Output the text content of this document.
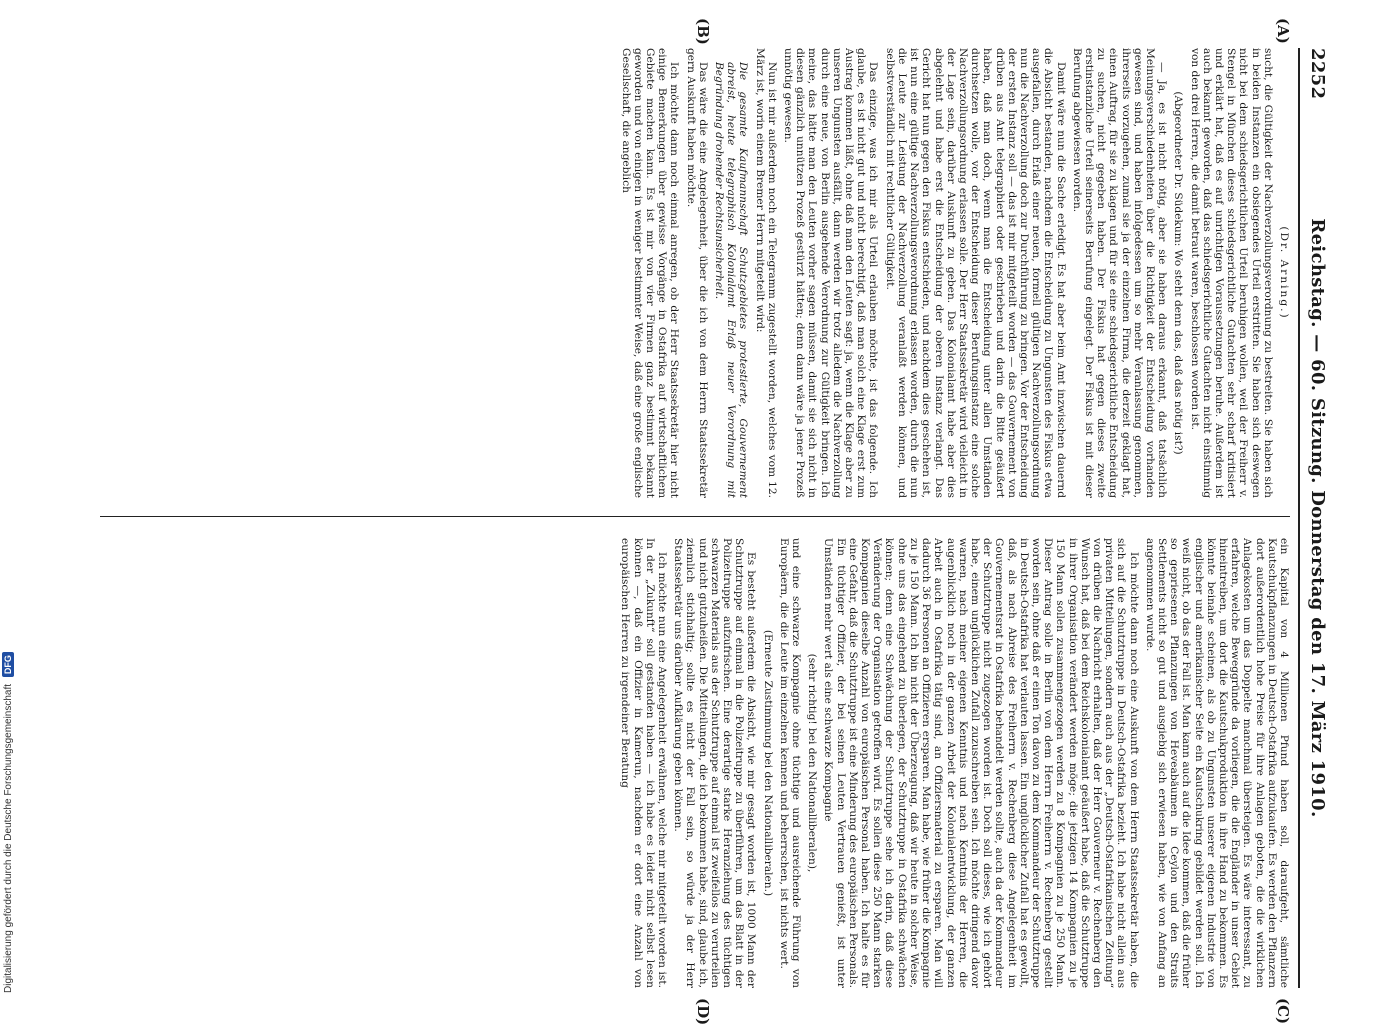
2252
Reichstag. — 60. Sitzung. Donnerstag den 17. März 1910.
(A)
(B)
(C)
(D)

(Dr. Arning.)

sucht, die Gültigkeit der Nachverzollungsverordnung zu bestreiten. Sie haben sich in beiden Instanzen ein obsiegendes Urteil erstritten. Sie haben sich deswegen nicht bei dem schiedsgerichtlichen Urteil beruhigen wollen, weil der Freiherr v. Stengel in München dieses schiedsgerichtliche Gutachten sehr scharf kritisiert und erklärt hat, daß es auf unrichtigen Voraussetzungen beruhe. Außerdem ist auch bekannt geworden, daß das schiedsgerichtliche Gutachten nicht einstimmig von den drei Herren, die damit betraut waren, beschlossen worden ist.

(Abgeordneter Dr. Südekum: Wo steht denn das, daß das nötig ist?)

— Ja, es ist nicht nötig, aber sie haben daraus erkannt, daß tatsächlich Meinungsverschiedenheiten über die Richtigkeit der Entscheidung vorhanden gewesen sind, und haben infolgedessen um so mehr Veranlassung genommen, ihrerseits vorzugehen, zumal sie ja der einzelnen Firma, die derzeit geklagt hat, einen Auftrag, für sie zu klagen und für sie eine schiedsgerichtliche Entscheidung zu suchen, nicht gegeben haben. Der Fiskus hat gegen dieses zweite erstinstanzliche Urteil seinerseits Berufung eingelegt. Der Fiskus ist mit dieser Berufung abgewiesen worden.

Damit wäre nun die Sache erledigt. Es hat aber beim Amt inzwischen dauernd die Absicht bestanden, nachdem die Entscheidung zu Ungunsten des Fiskus etwa ausgefallen, durch Erlaß einer neuen, formell gültigen Nachverzollungsordnung nun die Nachverzollung doch zur Durchführung zu bringen. Vor der Entscheidung der ersten Instanz soll — das ist mir mitgeteilt worden — das Gouvernement von drüben aus Amt telegraphiert oder geschrieben und darin die Bitte geäußert haben, daß man doch, wenn man die Entscheidung unter allen Umständen durchsetzen wolle, vor der Entscheidung dieser Berufungsinstanz eine solche Nachverzollungsordnung erlassen solle. Der Herr Staatssekretär wird vielleicht in der Lage sein, darüber Auskunft zu geben. Das Kolonialamt habe aber dies abgelehnt und habe erst die Entscheidung der oberen Instanz verlangt. Das Gericht hat nun gegen den Fiskus entschieden, und nachdem dies geschehen ist, ist nun eine gültige Nachverzollungsverordnung erlassen worden, durch die nun die Leute zur Leistung der Nachverzollung veranlaßt werden können, und selbstverständlich mit rechtlicher Gültigkeit.

Das einzige, was ich mir als Urteil erlauben möchte, ist das folgende. Ich glaube, es ist nicht gut und nicht berechtigt, daß man solch eine Klage erst zum Austrag kommen läßt, ohne daß man den Leuten sagt: ja, wenn die Klage aber zu unseren Ungunsten ausfällt, dann werden wir trotz alledem die Nachverzollung durch eine neue, von Berlin ausgehende Verordnung zur Gültigkeit bringen. Ich meine, das hätte man den Leuten vorher sagen müssen, damit sie sich nicht in diesen gänzlich unnützen Prozeß gestürzt hätten; denn dann wäre ja jener Prozeß unnötig gewesen.

Nun ist mir außerdem noch ein Telegramm zugestellt worden, welches vom 12. März ist, worin einem Bremer Herrn mitgeteilt wird:

Die gesamte Kaufmannschaft Schutzgebietes protestierte, Gouvernement abreist, heute telegraphisch Kolonialamt Erlaß neuer Verordnung mit Begründung drohender Rechtsunsicherheit.

Das wäre die eine Angelegenheit, über die ich von dem Herrn Staatssekretär gern Auskunft haben möchte.

Ich möchte dann noch einmal anregen, ob der Herr Staatssekretär hier nicht einige Bemerkungen über gewisse Vorgänge in Ostafrika auf wirtschaftlichem Gebiete machen kann. Es ist mir von vier Firmen ganz bestimmt bekannt geworden und von einigen in weniger bestimmter Weise, daß eine große englische Gesellschaft, die angeblich

ein Kapital von 4 Millionen Pfund haben soll, daraufgeht, sämtliche Kautschukpflanzungen in Deutsch-Ostafrika aufzukaufen. Es werden den Pflanzern dort außerordentlich hohe Preise für ihre Anlagen geboten, die die wirklichen Anlagekosten um das Doppelte manchmal übersteigen. Es wäre interessant, zu erfahren, welche Beweggründe da vorliegen, die die Engländer in unser Gebiet hineintreiben, um dort die Kautschukproduktion in ihre Hand zu bekommen. Es könnte beinahe scheinen, als ob zu Ungunsten unserer eigenen Industrie von englischer und amerikanischer Seite ein Kautschukring gebildet werden soll. Ich weiß nicht, ob das der Fall ist. Man kann auch auf die Idee kommen, daß die früher so gepriesenen Pflanzungen von Heveabäumen in Ceylon und den Straits Settlements nicht so gut und ausgiebig sich erwiesen haben, wie von Anfang an angenommen wurde.

Ich möchte dann noch eine Auskunft von dem Herrn Staatssekretär haben, die sich auf die Schutztruppe in Deutsch-Ostafrika bezieht. Ich habe nicht allein aus privaten Mitteilungen, sondern auch aus der „Deutsch-Ostafrikanischen Zeitung“ von drüben die Nachricht erhalten, daß der Herr Gouverneur v. Rechenberg den Wunsch hat, daß bei dem Reichskolonialamt geäußert habe, daß die Schutztruppe in ihrer Organisation verändert werden möge; die jetzigen 14 Kompagnien zu je 150 Mann sollen zusammengezogen werden zu 8 Kompagnien zu je 250 Mann. Dieser Antrag solle in Berlin von dem Herrn Freiherrn v. Rechenberg gestellt worden sein, ohne daß er einen Ton davon zu dem Kommandeur der Schutztruppe in Deutsch-Ostafrika hat verlauten lassen. Ein unglücklicher Zufall hat es gewollt, daß, als nach Abreise des Freiherrn v. Rechenberg diese Angelegenheit im Gouvernementsrat in Ostafrika behandelt werden sollte, auch da der Kommandeur der Schutztruppe nicht zugezogen worden ist. Doch soll dieses, wie ich gehört habe, einem unglücklichen Zufall zuzuschreiben sein. Ich möchte dringend davor warnen, nach meiner eigenen Kenntnis und nach Kenntnis der Herren, die augenblicklich noch in der ganzen Arbeit der Kolonialentwicklung, der ganzen Arbeit auch in Ostafrika tätig sind, an Offiziersmaterial zu ersparen. Man will dadurch 36 Personen an Offizieren ersparen. Man habe, wie früher die Kompagnie zu je 150 Mann. Ich bin nicht der Überzeugung, daß wir heute in solcher Weise, ohne uns das eingehend zu überlegen, der Schutztruppe in Ostafrika schwächen können; denn eine Schwächung der Schutztruppe sehe ich darin, daß diese Veränderung der Organisation getroffen wird. Es sollen diese 250 Mann starken Kompagnien dieselbe Anzahl von europäischen Personal haben. Ich halte es für eine Gefahr, daß die Schutztruppe ist eine Minderung des europäischen Personals. Ein tüchtiger Offizier, der bei seinen Leuten Vertrauen genießt, ist unter Umständen mehr wert als eine schwarze Kompagnie

(sehr richtig! bei den Nationalliberalen),

und eine schwarze Kompagnie ohne tüchtige und ausreichende Führung von Europäern, die die Leute im einzelnen kennen und beherrschen, ist nichts wert.

(Erneute Zustimmung bei den Nationalliberalen.)

Es besteht außerdem die Absicht, wie mir gesagt worden ist, 1000 Mann der Schutztruppe auf einmal in die Polizeitruppe zu überführen, um das Blatt in der Polizeitruppe aufzufrischen. Eine derartige starke Heranziehung des tüchtigen schwarzen Materials aus der Schutztruppe auf einmal ist zweifellos zu verurteilen und nicht gutzuheißen. Die Mitteilungen, die ich bekommen habe, sind, glaube ich, ziemlich stichhaltig; sollte es nicht der Fall sein, so würde ja der Herr Staatssekretär uns darüber Aufklärung geben können.

Ich möchte nun eine Angelegenheit erwähnen, welche mir mitgeteilt worden ist. In der „Zukunft“ soll gestanden haben — ich habe es leider nicht selbst lesen können —, daß ein Offizier in Kamerun, nachdem er dort eine Anzahl von europäischen Herren zu irgendeiner Beratung

Digitalisierung gefördert durch die Deutsche Forschungsgemeinschaft DFG
